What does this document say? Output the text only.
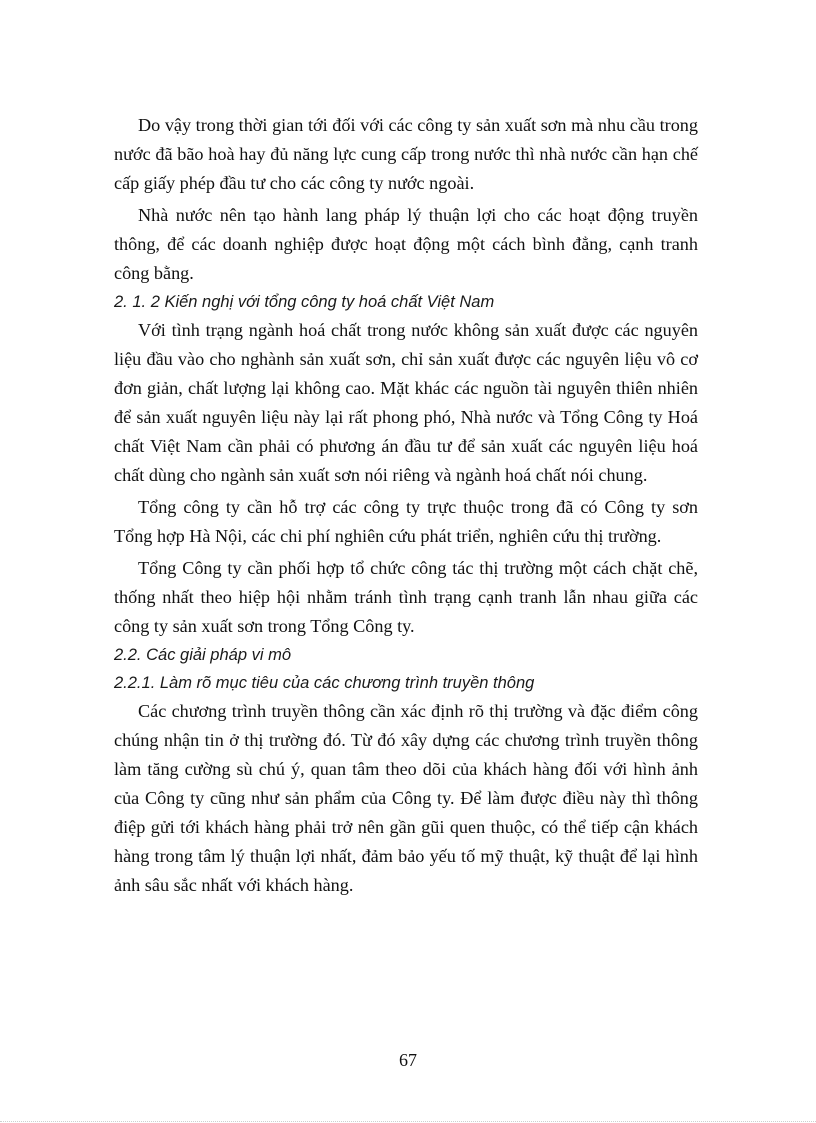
Do vậy trong thời gian tới đối với các công ty sản xuất sơn mà nhu cầu trong nước đã bão hoà hay đủ năng lực cung cấp trong nước thì nhà nước cần hạn chế cấp giấy phép đầu tư cho các công ty nước ngoài.

Nhà nước nên tạo hành lang pháp lý thuận lợi cho các hoạt động truyền thông, để các doanh nghiệp được hoạt động một cách bình đẳng, cạnh tranh công bằng.

2. 1. 2 Kiến nghị với tổng công ty hoá chất Việt Nam

Với tình trạng ngành hoá chất trong nước không sản xuất được các nguyên liệu đầu vào cho nghành sản xuất sơn, chỉ sản xuất được các nguyên liệu vô cơ đơn giản, chất lượng lại không cao. Mặt khác các nguồn tài nguyên thiên nhiên để sản xuất nguyên liệu này lại rất phong phó, Nhà nước và Tổng Công ty Hoá chất Việt Nam cần phải có phương án đầu tư để sản xuất các nguyên liệu hoá chất dùng cho ngành sản xuất sơn nói riêng và ngành hoá chất nói chung.

Tổng công ty cần hỗ trợ các công ty trực thuộc trong đã có Công ty sơn Tổng hợp Hà Nội, các chi phí nghiên cứu phát triển, nghiên cứu thị trường.

Tổng Công ty cần phối hợp tổ chức công tác thị trường một cách chặt chẽ, thống nhất theo hiệp hội nhằm tránh tình trạng cạnh tranh lẫn nhau giữa các công ty sản xuất sơn trong Tổng Công ty.

2.2. Các giải pháp vi mô

2.2.1. Làm rõ mục tiêu của các chương trình truyền thông

Các chương trình truyền thông cần xác định rõ thị trường và đặc điểm công chúng nhận tin ở thị trường đó. Từ đó xây dựng các chương trình truyền thông làm tăng cường sù chú ý, quan tâm theo dõi của khách hàng đối với hình ảnh của Công ty cũng như sản phẩm của Công ty. Để làm được điều này thì thông điệp gửi tới khách hàng phải trở nên gần gũi quen thuộc, có thể tiếp cận khách hàng trong tâm lý thuận lợi nhất, đảm bảo yếu tố mỹ thuật, kỹ thuật để lại hình ảnh sâu sắc nhất với khách hàng.

67
